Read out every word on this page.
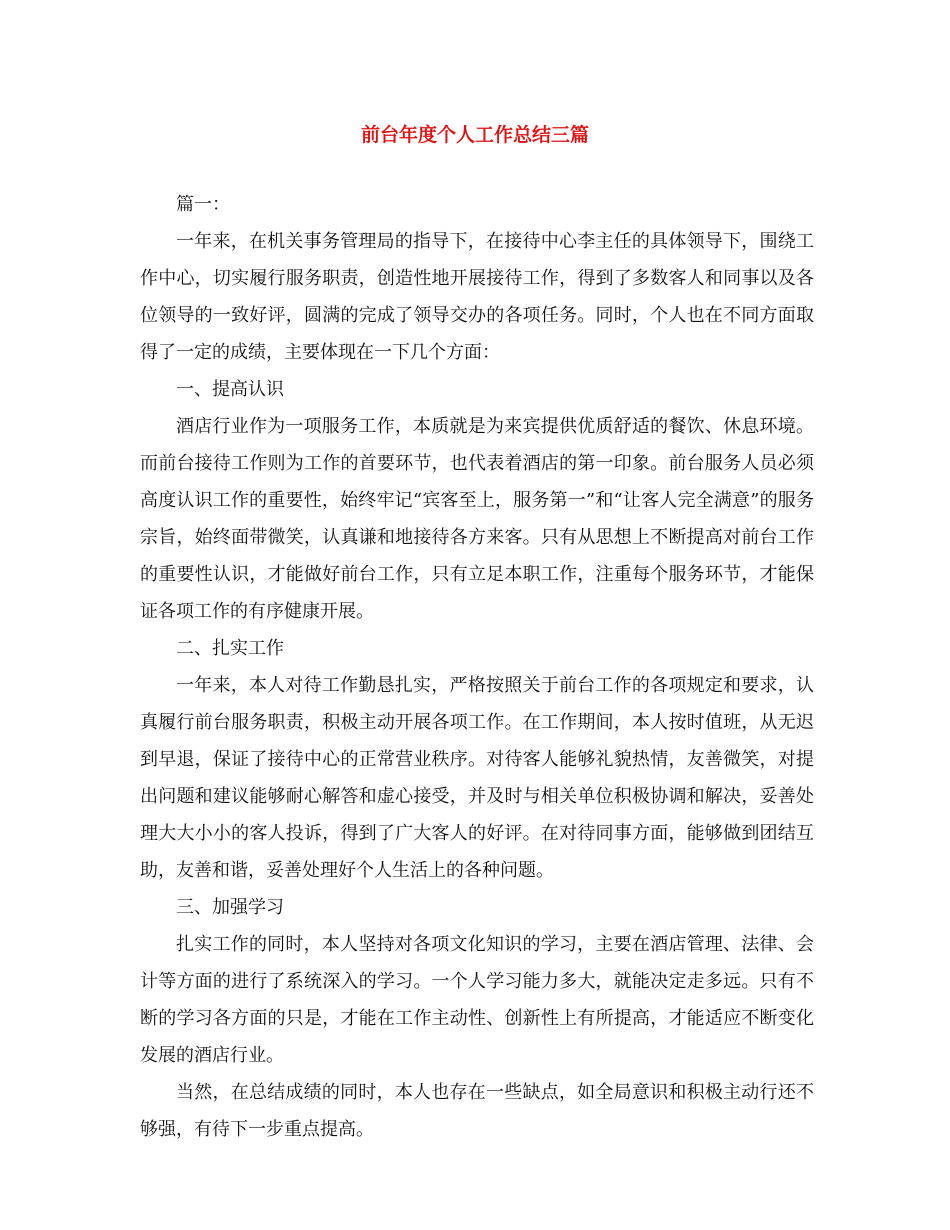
前台年度个人工作总结三篇

篇一：

一年来，在机关事务管理局的指导下，在接待中心李主任的具体领导下，围绕工作中心，切实履行服务职责，创造性地开展接待工作，得到了多数客人和同事以及各位领导的一致好评，圆满的完成了领导交办的各项任务。同时，个人也在不同方面取得了一定的成绩，主要体现在一下几个方面：

一、提高认识

酒店行业作为一项服务工作，本质就是为来宾提供优质舒适的餐饮、休息环境。而前台接待工作则为工作的首要环节，也代表着酒店的第一印象。前台服务人员必须高度认识工作的重要性，始终牢记“宾客至上，服务第一”和“让客人完全满意”的服务宗旨，始终面带微笑，认真谦和地接待各方来客。只有从思想上不断提高对前台工作的重要性认识，才能做好前台工作，只有立足本职工作，注重每个服务环节，才能保证各项工作的有序健康开展。

二、扎实工作

一年来，本人对待工作勤恳扎实，严格按照关于前台工作的各项规定和要求，认真履行前台服务职责，积极主动开展各项工作。在工作期间，本人按时值班，从无迟到早退，保证了接待中心的正常营业秩序。对待客人能够礼貌热情，友善微笑，对提出问题和建议能够耐心解答和虚心接受，并及时与相关单位积极协调和解决，妥善处理大大小小的客人投诉，得到了广大客人的好评。在对待同事方面，能够做到团结互助，友善和谐，妥善处理好个人生活上的各种问题。

三、加强学习

扎实工作的同时，本人坚持对各项文化知识的学习，主要在酒店管理、法律、会计等方面的进行了系统深入的学习。一个人学习能力多大，就能决定走多远。只有不断的学习各方面的只是，才能在工作主动性、创新性上有所提高，才能适应不断变化发展的酒店行业。

当然，在总结成绩的同时，本人也存在一些缺点，如全局意识和积极主动行还不够强，有待下一步重点提高。
